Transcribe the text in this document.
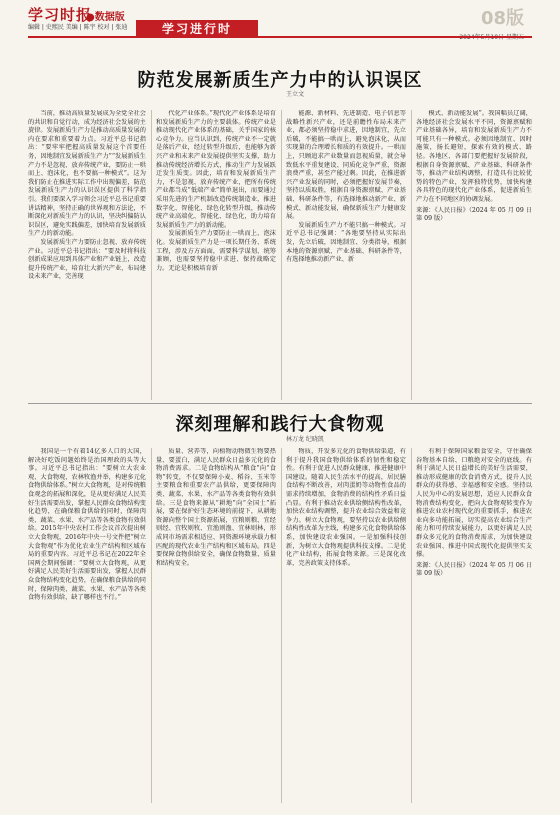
学习时报
●数据版
编辑 | 史熙民 美编 | 陈宇 校对 | 张迪	08版
学习进行时
防范发展新质生产力中的认识误区
王立文

当前，推动高质量发展成为全党全社会的共识和自觉行动，成为经济社会发展的主旋律。发展新质生产力是推动高质量发展的内在要求和重要着力点。习近平总书记指出：“要牢牢把握高质量发展这个首要任务，因地制宜发展新质生产力”“发展新质生产力不是忽视、放弃传统产业，要防止一哄而上、泡沫化，也不要搞一种模式”。这为我们防止在推进实际工作中出现偏差，防范发展新质生产力的认识误区提供了科学指引。我们要深入学习领会习近平总书记重要讲话精神，坚持正确的世界观和方法论，不断深化对新质生产力的认识，坚决纠偏防认识误区，避免实践偏差，加快培育发展新质生产力的新动能。

发展新质生产力要防止忽视、放弃传统产业。习近平总书记指出：“要及时将科技创新成果应用到具体产业和产业链上，改造提升传统产业，培育壮大新兴产业，布局建设未来产业，完善现

代化产业体系。”现代化产业体系是培育和发展新质生产力的主要载体。传统产业是推动现代化产业体系的基础，关乎国家的核心竞争力。应当认识到，传统产业不一定就是落后产业，经过转型升级后，也能够为新兴产业和未来产业发展提供坚实支撑，助力推动传统经济增长方式，推动生产力发展跃迁发生质变。因此，培育和发展新质生产力，不是忽视、放弃传统产业，把所有传统产业都当成“低端产业”简单退出，而要通过采用先进的生产机制改造传统制造业，推进数字化、智能化、绿色化转型升级，推动传统产业高端化、智能化、绿色化，助力培育发展新质生产力的新动能。

发展新质生产力要防止一哄而上、泡沫化。发展新质生产力是一项长期任务、系统工程，涉及方方面面，需要科学谋划、统筹兼顾，也需要坚持稳中求进、保持战略定力。无论是积极培育新

能源、新材料、先进制造、电子信息等战略性新兴产业，还是前瞻性布局未来产业，都必须坚持稳中求进，因地制宜，先立后破，不能搞一哄而上，避免泡沫化，从而实现量的合理增长和质的有效提升。一哄而上，只顾追求产业数量而忽视质量，就会导致低水平重复建设、同质化竞争严重，资源浪费严重，甚至产能过剩。因此，在推进新兴产业发展的同时，必须把握好发展节奏，坚持以质取胜，根据自身资源禀赋、产业基础、科研条件等，有选择地推动新产业、新模式、新动能发展，确保新质生产力健康发展。

发展新质生产力不能只搞一种模式。习近平总书记强调：“各地要坚持从实际出发，先立后破，因地制宜、分类指导，根据本地的资源禀赋、产业基础、科研条件等，有选择地推动新产业、新

模式、新动能发展”。我国幅员辽阔，各地经济社会发展水平不同，资源禀赋和产业基础各异，培育和发展新质生产力不可能只有一种模式。必须因地制宜、因时施策，扬长避短，探索有效的模式、路径。各地区、各部门要把握好发展阶段，根据自身资源禀赋、产业基础、科研条件等，推动产业结构调整，打造具有比较优势的特色产业，发挥独特优势，加快构建各具特色的现代化产业体系，促进新质生产力在不同地区的协调发展。

来源：《人民日报》（2024 年 05 月 09 日 第 09 版）

深刻理解和践行大食物观
林万龙 纪晓凯

我国是一个有着14亿多人口的大国，解决好吃饭问题始终是治国理政的头等大事。习近平总书记指出：“要树立大农业观、大食物观，农林牧渔并举，构建多元化食物供给体系。”树立大食物观，是对传统粮食观念的拓展和深化，是从更好满足人民美好生活需要出发，掌握人民群众食物结构变化趋势，在确保粮食供给的同时，保障肉类、蔬菜、水果、水产品等各类食物有效供给。2015年中央农村工作会议首次提出树立大食物观，2016年中央一号文件把“树立大食物观”作为优化农业生产结构和区域布局的重要内容。习近平总书记在2022年全国两会期间强调：“要树立大食物观，从更好满足人民美好生活需要出发，掌握人民群众食物结构变化趋势，在确保粮食供给的同时，保障肉类、蔬菜、水果、水产品等各类食物有效供给，缺了哪样也不行。”

质量、营养等，向植物动物微生物要热量、要蛋白，满足人民群众日益多元化的食物消费需求。二是食物结构从“粮食”向“食物”转变，不仅要保障小麦、稻谷、玉米等主要粮食和重要农产品供给，更要保障肉类、蔬菜、水果、水产品等各类食物有效供给。三是食物来源从“耕地”向“全国土”拓展，要在保护好生态环境的前提下，从耕地资源向整个国土资源拓展，宜粮则粮、宜经则经、宜牧则牧、宜渔则渔、宜林则林，形成同市场需求相适应、同资源环境承载力相匹配的现代农业生产结构和区域布局。四是要保障食物供给安全，确保食物数量、质量和结构安全。

物质，开发多元化的食物供给渠道，有利于提升我国食物供给体系的韧性和稳定性。有利于促进人民群众健康，推进健康中国建设。随着人民生活水平的提高，居民膳食结构不断改善，对肉蛋奶等动物性食品的需求持续增加，食物消费的结构性矛盾日益凸显。有利于推动农业供给侧结构性改革，加快农业结构调整，提升农业综合效益和竞争力。树立大食物观，要坚持以农业供给侧结构性改革为主线，构建多元化食物供给体系，加快建设农业强国。一是加强科技创新，为树立大食物观提供科技支撑。二是优化产业结构，拓展食物来源。三是深化改革，完善政策支持体系。

有利于保障国家粮食安全，守住确保谷物基本自给、口粮绝对安全的底线。有利于满足人民日益增长的美好生活需要，推动形成健康的饮食消费方式，提升人民群众的获得感、幸福感和安全感。坚持以人民为中心的发展思想，适应人民群众食物消费结构变化，把向大食物观转变作为推进农业农村现代化的重要抓手，推进农业向多功能拓展，切实提高农业综合生产能力和可持续发展能力，以更好满足人民群众多元化的食物消费需求，为加快建设农业强国、推进中国式现代化提供坚实支撑。

来源：《人民日报》（2024 年 05 月 06 日 第 09 版）
